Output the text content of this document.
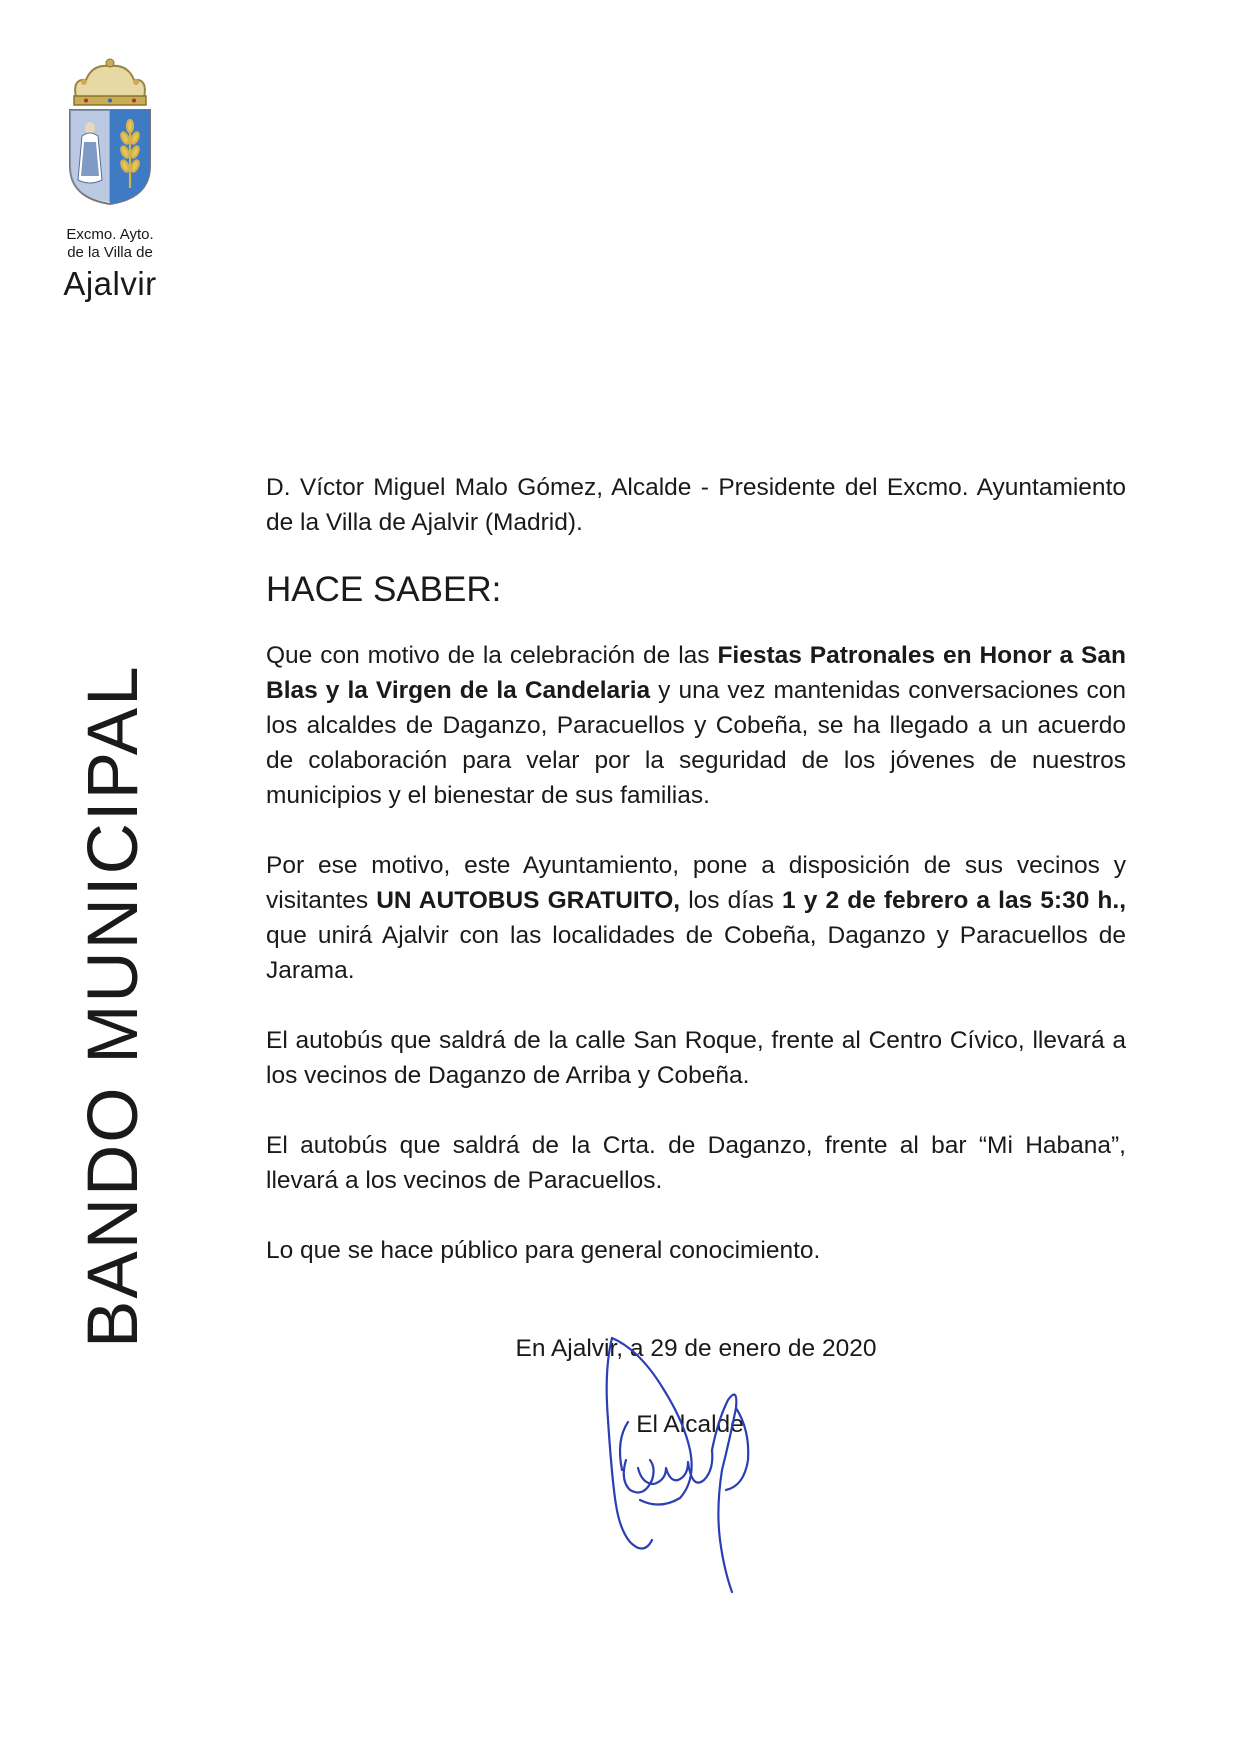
Excmo. Ayto.
de la Villa de
Ajalvir
BANDO MUNICIPAL

D. Víctor Miguel Malo Gómez, Alcalde - Presidente del Excmo. Ayuntamiento de la Villa de Ajalvir (Madrid).

HACE SABER:

Que con motivo de la celebración de las Fiestas Patronales en Honor a San Blas y la Virgen de la Candelaria y una vez mantenidas conversaciones con los alcaldes de Daganzo, Paracuellos y Cobeña, se ha llegado a un acuerdo de colaboración para velar por la seguridad de los jóvenes de nuestros municipios y el bienestar de sus familias.

Por ese motivo, este Ayuntamiento, pone a disposición de sus vecinos y visitantes UN AUTOBUS GRATUITO, los días 1 y 2 de febrero a las 5:30 h., que unirá Ajalvir con las localidades de Cobeña, Daganzo y Paracuellos de Jarama.

El autobús que saldrá de la calle San Roque, frente al Centro Cívico, llevará a los vecinos de Daganzo de Arriba y Cobeña.

El autobús que saldrá de la Crta. de Daganzo, frente al bar “Mi Habana”, llevará a los vecinos de Paracuellos.

Lo que se hace público para general conocimiento.

En Ajalvir, a 29 de enero de 2020
El Alcalde
